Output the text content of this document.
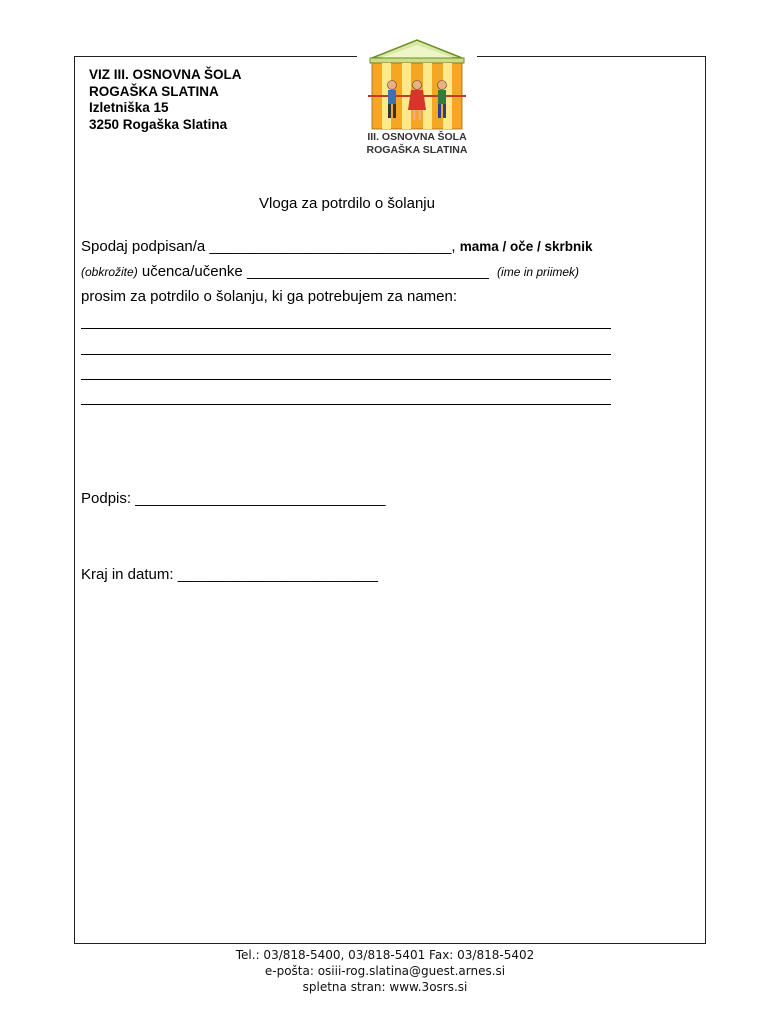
VIZ III. OSNOVNA ŠOLA
ROGAŠKA SLATINA
Izletniška 15
3250 Rogaška Slatina
III. OSNOVNA ŠOLA
ROGAŠKA SLATINA
Vloga za potrdilo o šolanju
Spodaj podpisan/a _____________________________, mama / oče / skrbnik
(obkrožite) učenca/učenke _____________________________ (ime in priimek)
prosim za potrdilo o šolanju, ki ga potrebujem za namen:
Podpis: ______________________________
Kraj in datum: ________________________
Tel.: 03/818-5400, 03/818-5401 Fax: 03/818-5402
e-pošta: osiii-rog.slatina@guest.arnes.si
spletna stran: www.3osrs.si
